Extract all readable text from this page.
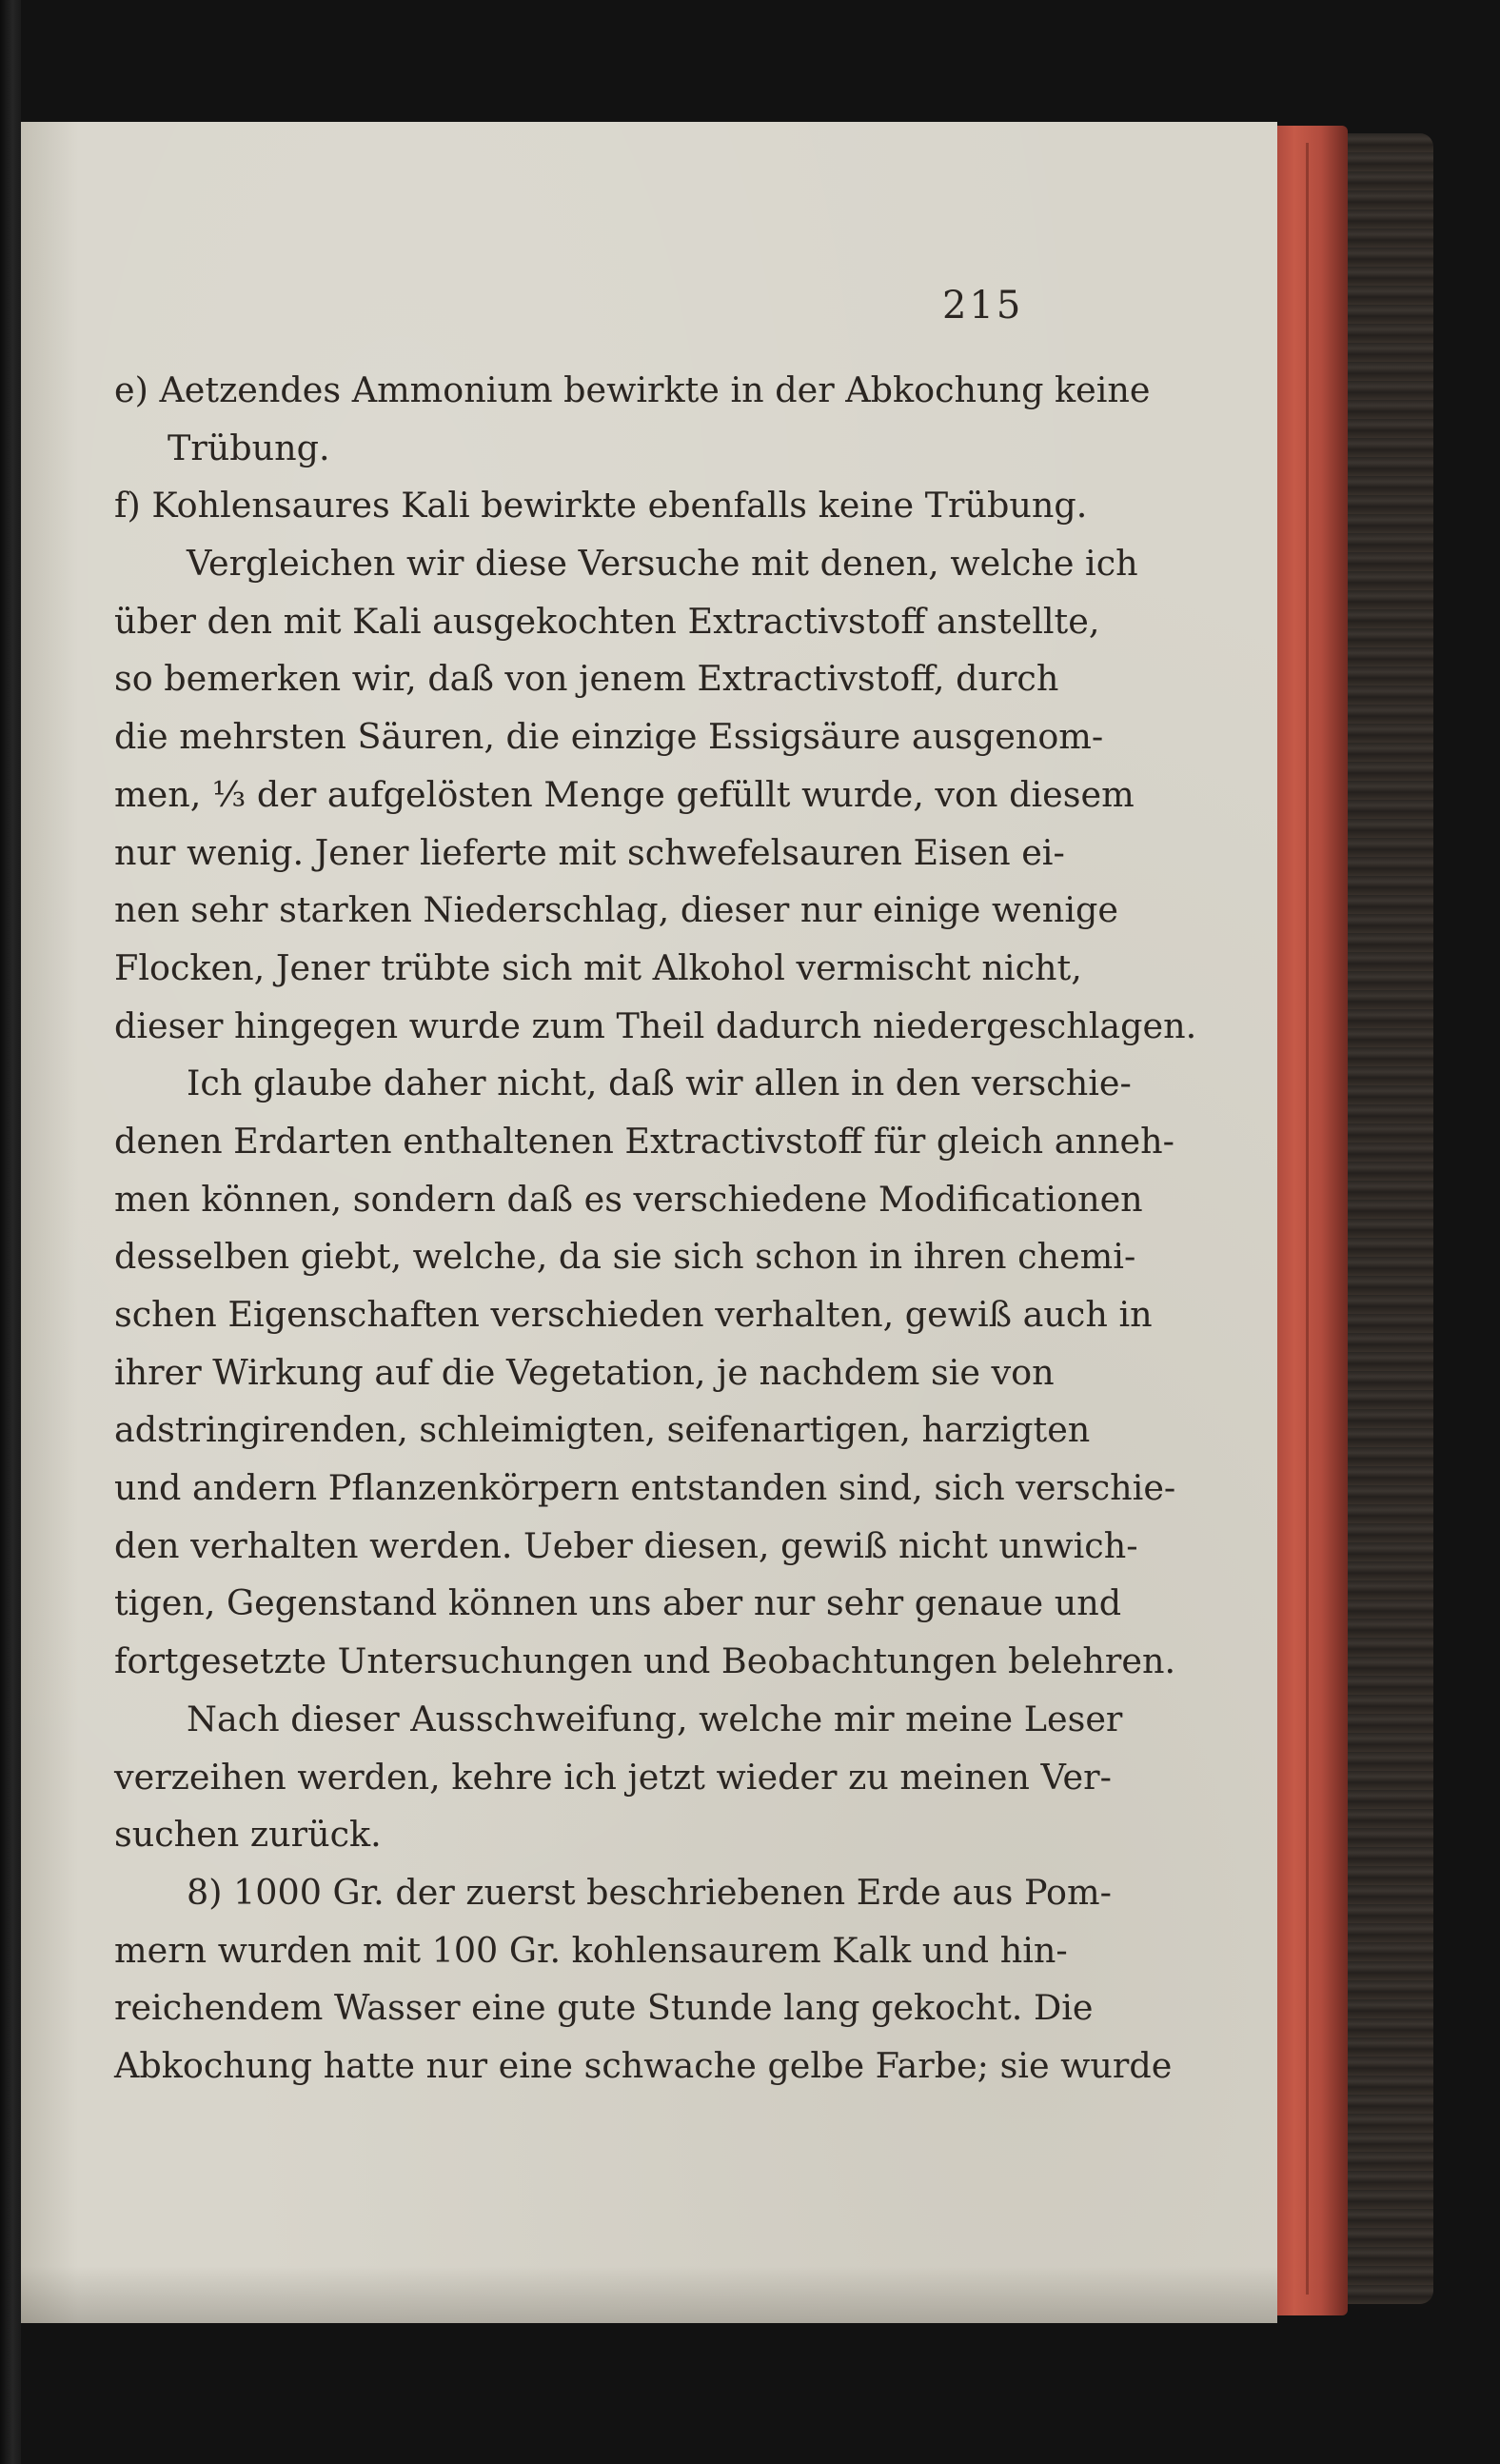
215
e) Aetzendes Ammonium bewirkte in der Abkochung keine
Trübung.
f) Kohlensaures Kali bewirkte ebenfalls keine Trübung.
Vergleichen wir diese Versuche mit denen, welche ich
über den mit Kali ausgekochten Extractivstoff anstellte,
so bemerken wir, daß von jenem Extractivstoff, durch
die mehrsten Säuren, die einzige Essigsäure ausgenom-
men, ⅓ der aufgelösten Menge gefüllt wurde, von diesem
nur wenig. Jener lieferte mit schwefelsauren Eisen ei-
nen sehr starken Niederschlag, dieser nur einige wenige
Flocken, Jener trübte sich mit Alkohol vermischt nicht,
dieser hingegen wurde zum Theil dadurch niedergeschlagen.
Ich glaube daher nicht, daß wir allen in den verschie-
denen Erdarten enthaltenen Extractivstoff für gleich anneh-
men können, sondern daß es verschiedene Modificationen
desselben giebt, welche, da sie sich schon in ihren chemi-
schen Eigenschaften verschieden verhalten, gewiß auch in
ihrer Wirkung auf die Vegetation, je nachdem sie von
adstringirenden, schleimigten, seifenartigen, harzigten
und andern Pflanzenkörpern entstanden sind, sich verschie-
den verhalten werden. Ueber diesen, gewiß nicht unwich-
tigen, Gegenstand können uns aber nur sehr genaue und
fortgesetzte Untersuchungen und Beobachtungen belehren.
Nach dieser Ausschweifung, welche mir meine Leser
verzeihen werden, kehre ich jetzt wieder zu meinen Ver-
suchen zurück.
8) 1000 Gr. der zuerst beschriebenen Erde aus Pom-
mern wurden mit 100 Gr. kohlensaurem Kalk und hin-
reichendem Wasser eine gute Stunde lang gekocht. Die
Abkochung hatte nur eine schwache gelbe Farbe; sie wurde
